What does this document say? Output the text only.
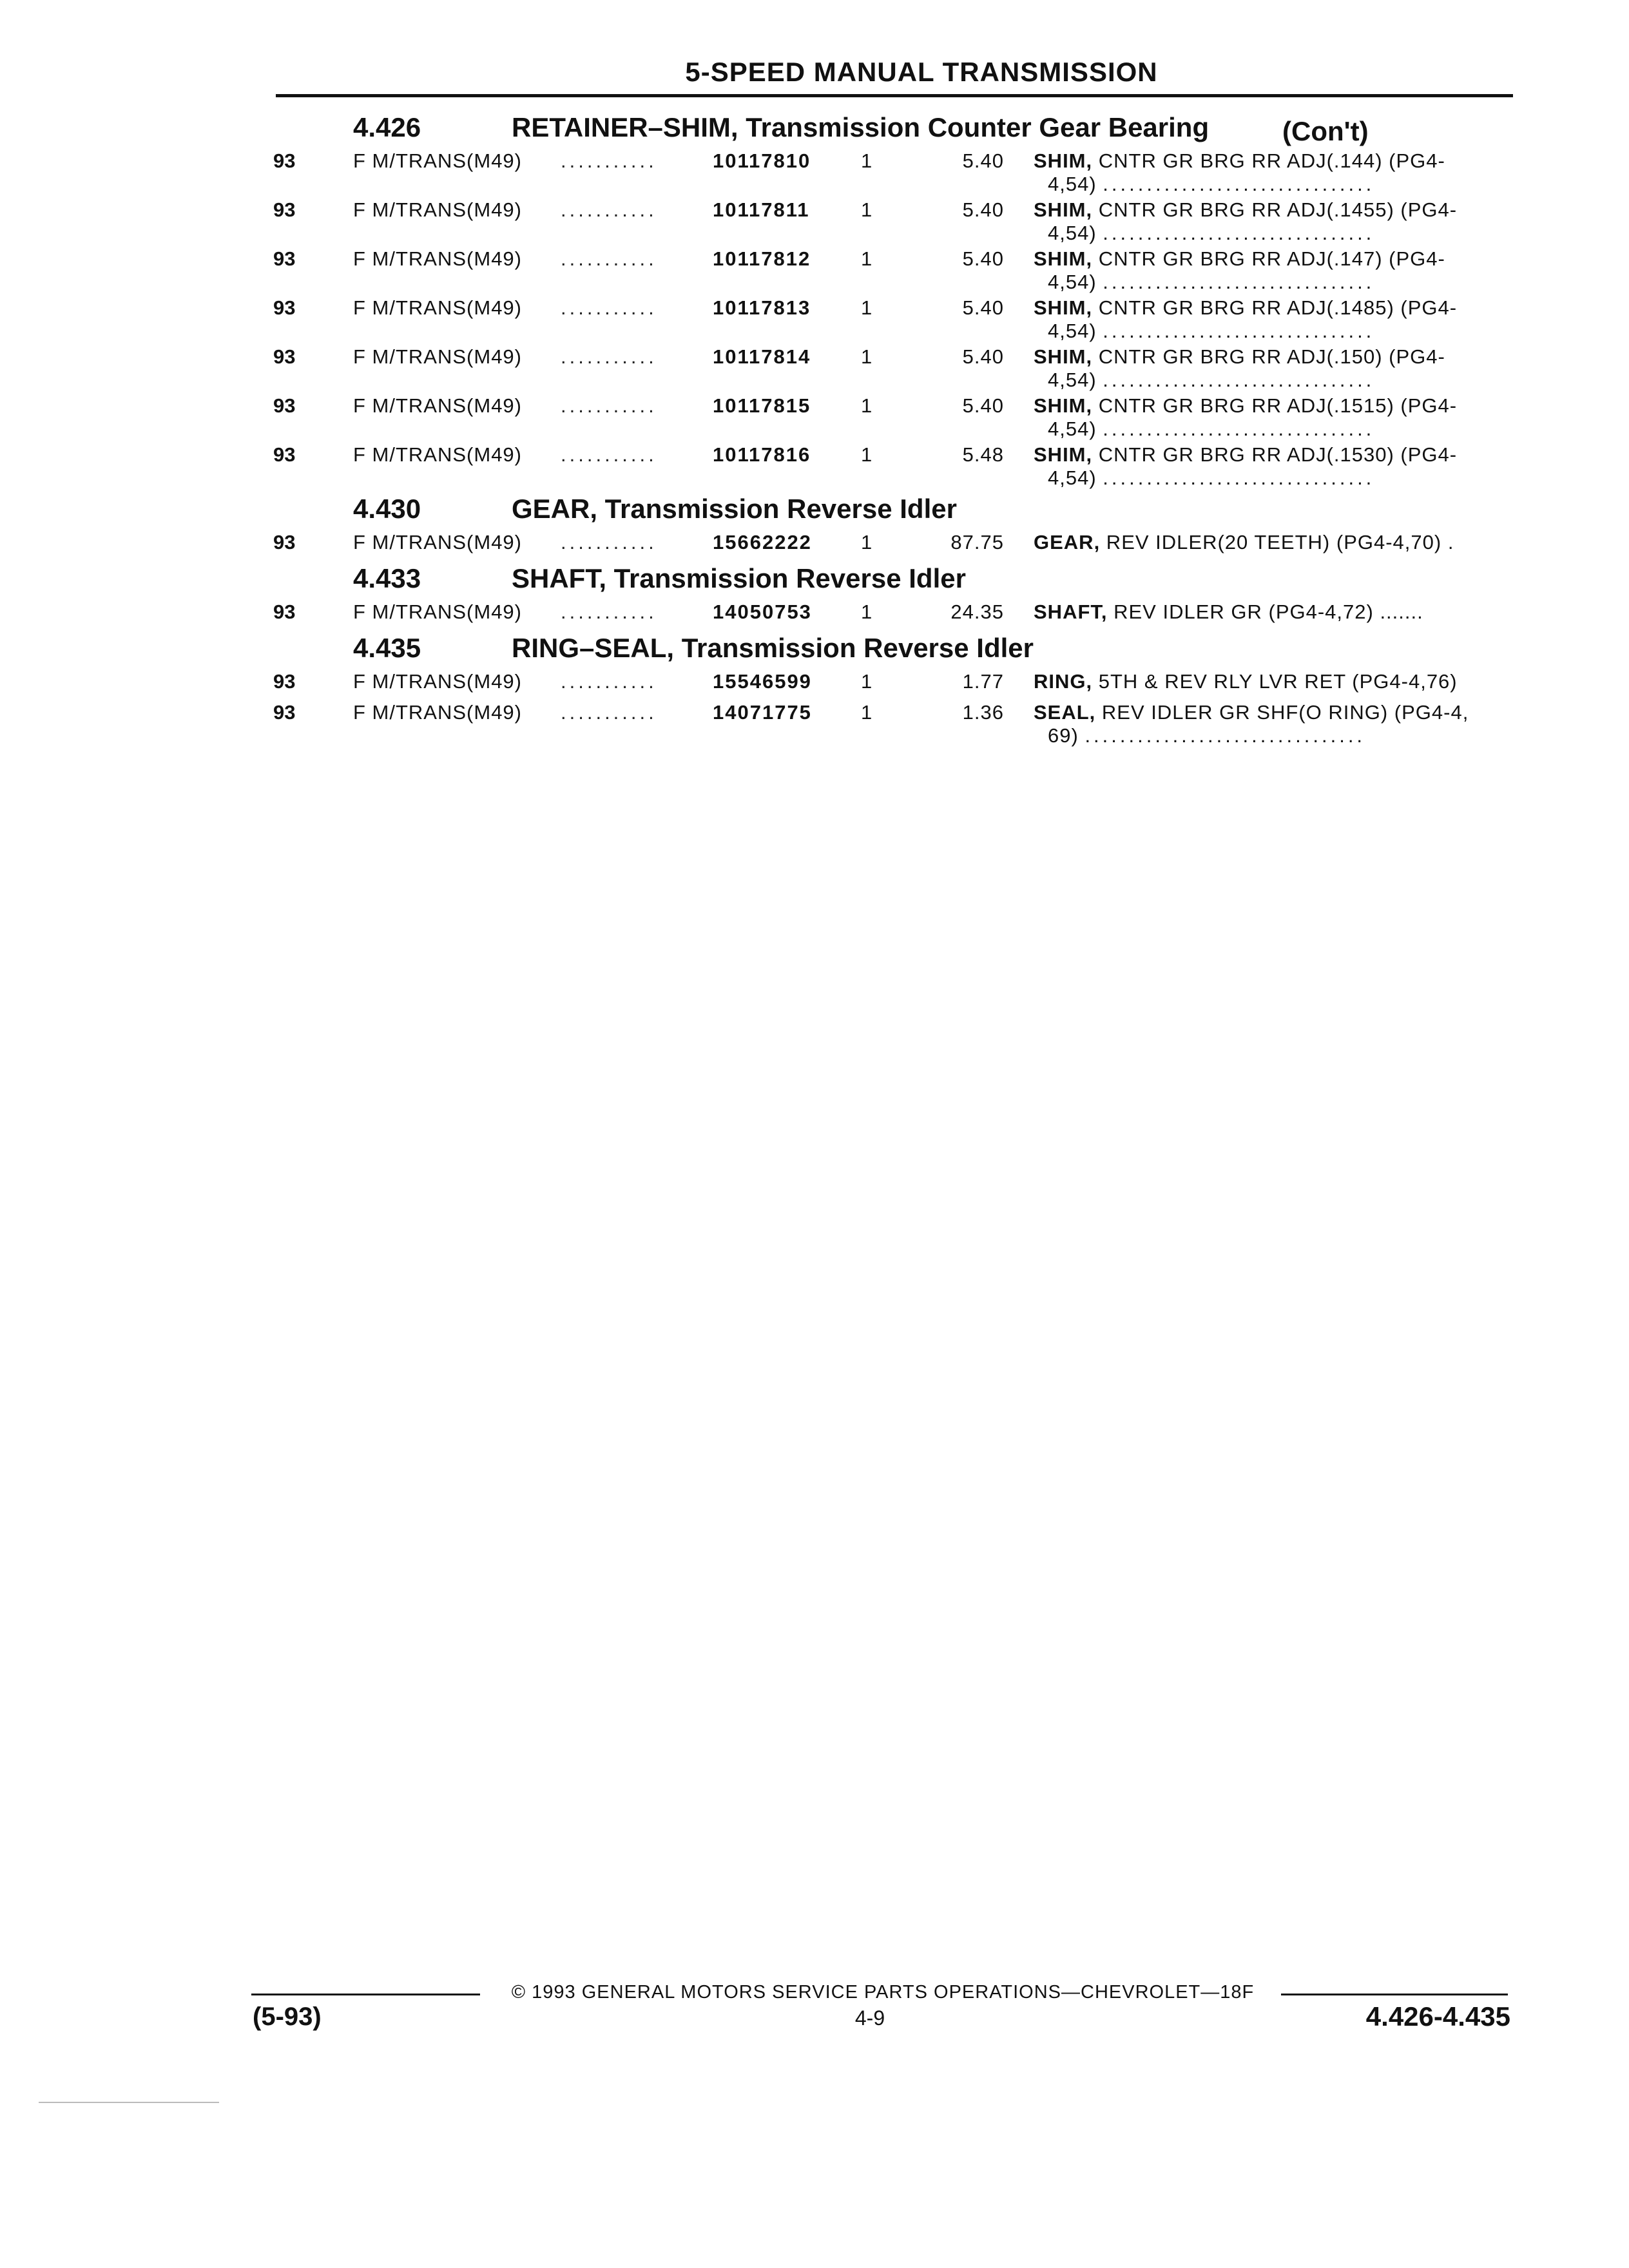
5-SPEED MANUAL TRANSMISSION
4.426	RETAINER–SHIM, Transmission Counter Gear Bearing	(Con't)
93	F M/TRANS(M49) ...........	10117810	1	5.40 SHIM, CNTR GR BRG RR ADJ(.144) (PG4-
4,54) ...............................
93	F M/TRANS(M49) ...........	10117811	1	5.40 SHIM, CNTR GR BRG RR ADJ(.1455) (PG4-
4,54) ...............................
93	F M/TRANS(M49) ...........	10117812	1	5.40 SHIM, CNTR GR BRG RR ADJ(.147) (PG4-
4,54) ...............................
93	F M/TRANS(M49) ...........	10117813	1	5.40 SHIM, CNTR GR BRG RR ADJ(.1485) (PG4-
4,54) ...............................
93	F M/TRANS(M49) ...........	10117814	1	5.40 SHIM, CNTR GR BRG RR ADJ(.150) (PG4-
4,54) ...............................
93	F M/TRANS(M49) ...........	10117815	1	5.40 SHIM, CNTR GR BRG RR ADJ(.1515) (PG4-
4,54) ...............................
93	F M/TRANS(M49) ...........	10117816	1	5.48 SHIM, CNTR GR BRG RR ADJ(.1530) (PG4-
4,54) ...............................
4.430	GEAR, Transmission Reverse Idler
93	F M/TRANS(M49) ...........	15662222 1	87.75 GEAR, REV IDLER(20 TEETH) (PG4-4,70) .
4.433	SHAFT, Transmission Reverse Idler
93	F M/TRANS(M49) ...........	14050753 1	24.35 SHAFT, REV IDLER GR (PG4-4,72) .......
4.435	RING–SEAL, Transmission Reverse Idler
93	F M/TRANS(M49) ...........	15546599 1	1.77 RING, 5TH & REV RLY LVR RET (PG4-4,76)
93	F M/TRANS(M49) ...........	14071775 1	1.36 SEAL, REV IDLER GR SHF(O RING) (PG4-4,
69) ................................
© 1993 GENERAL MOTORS SERVICE PARTS OPERATIONS—CHEVROLET—18F
(5-93)	4-9	4.426-4.435
